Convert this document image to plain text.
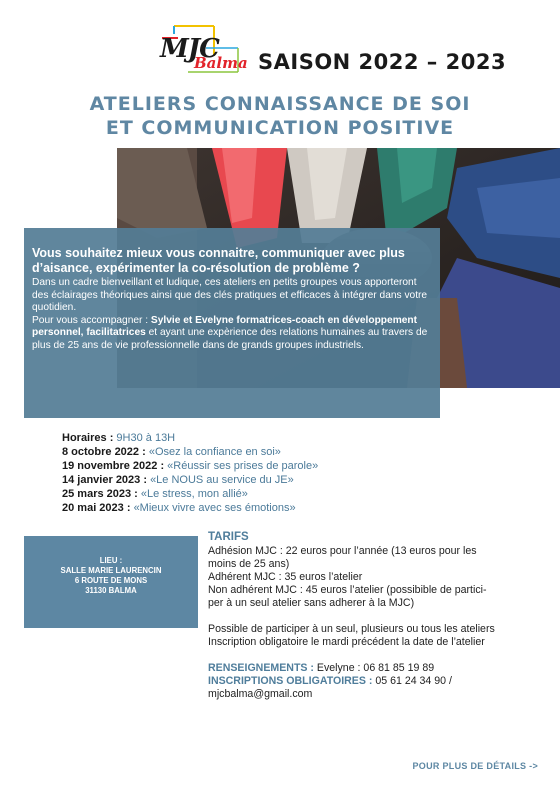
MJC
Balma SAISON 2022 – 2023
ATELIERS CONNAISSANCE DE SOI
ET COMMUNICATION POSITIVE
Vous souhaitez mieux vous connaitre, communiquer avec plus d’aisance, expérimenter la co-résolution de problème ?
Dans un cadre bienveillant et ludique, ces ateliers en petits groupes vous apporteront des éclairages théoriques ainsi que des clés pratiques et efficaces à intégrer dans votre quotidien.
Pour vous accompagner : Sylvie et Evelyne formatrices-coach en développement personnel, facilitatrices et ayant une expèrience des relations humaines au travers de plus de 25 ans de vie professionnelle dans de grands groupes industriels.
Horaires : 9H30 à 13H
8 octobre 2022 : «Osez la confiance en soi»
19 novembre 2022 : «Réussir ses prises de parole»
14 janvier 2023 : «Le NOUS au service du JE»
25 mars 2023 : «Le stress, mon allié»
20 mai 2023 : «Mieux vivre avec ses émotions»
LIEU :
SALLE MARIE LAURENCIN
6 ROUTE DE MONS
31130 BALMA
TARIFS
Adhésion MJC : 22 euros pour l’année (13 euros pour les
moins de 25 ans)
Adhérent MJC : 35 euros l’atelier
Non adhérent MJC : 45 euros l’atelier (possibible de partici-
per à un seul atelier sans adherer à la MJC)
Possible de participer à un seul, plusieurs ou tous les ateliers
Inscription obligatoire le mardi précédent la date de l’atelier
RENSEIGNEMENTS : Evelyne : 06 81 85 19 89
INSCRIPTIONS OBLIGATOIRES : 05 61 24 34 90 /
mjcbalma@gmail.com
POUR PLUS DE DÉTAILS ->
